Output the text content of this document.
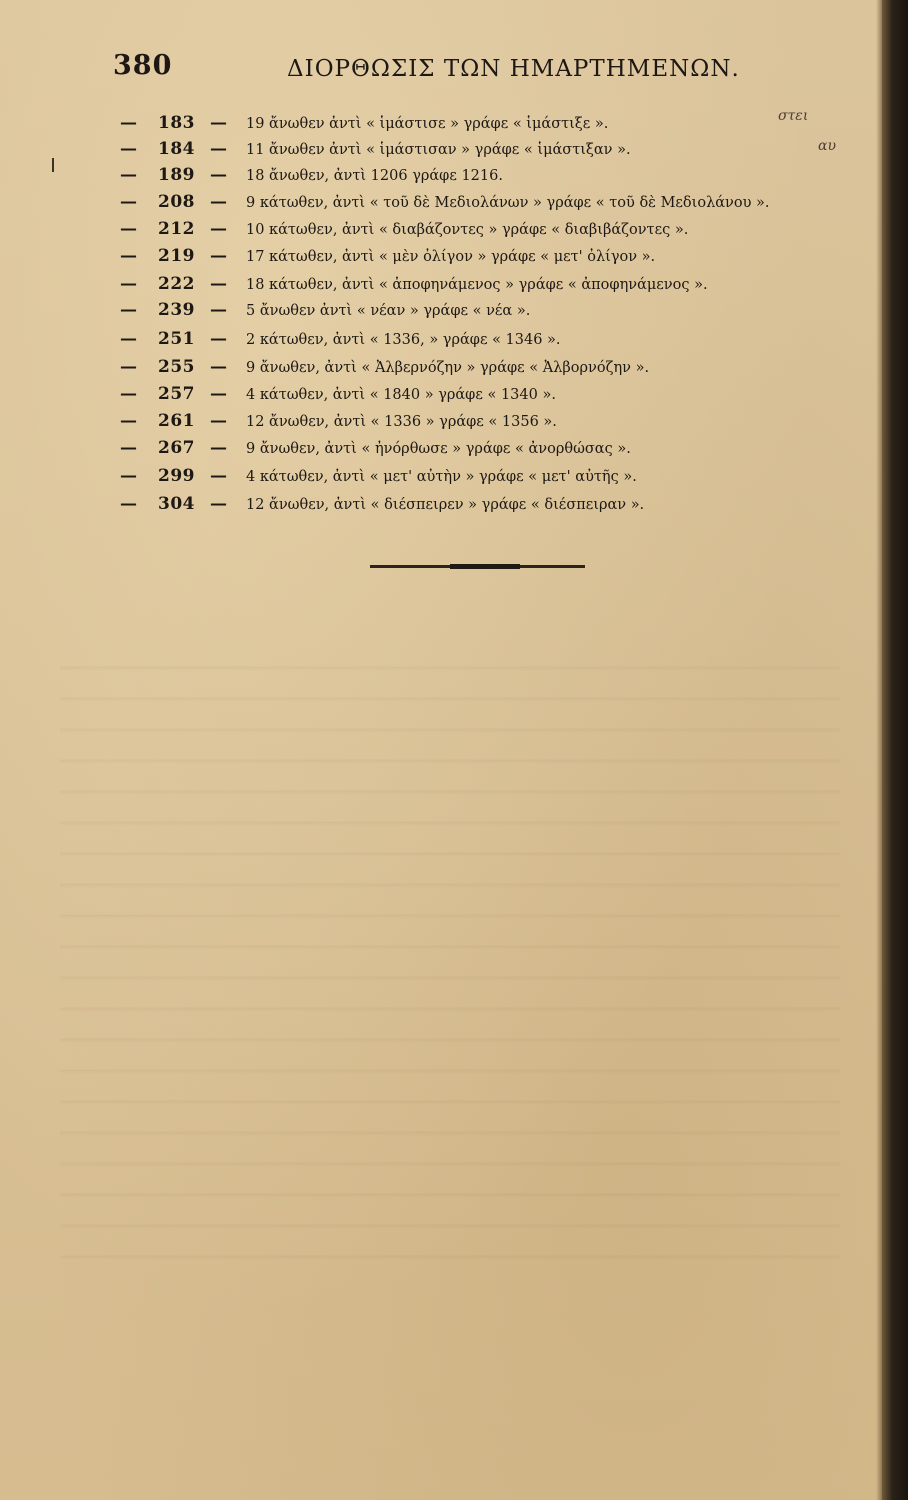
380	ΔΙΟΡΘΩΣΙΣ ΤΩΝ ΗΜΑΡΤΗΜΕΝΩΝ.
στει
αυ
—	183 —	19 ἄνωθεν ἀντὶ « ἱμάστισε » γράφε « ἱμάστιξε ».
—	184 —	11 ἄνωθεν ἀντὶ « ἱμάστισαν » γράφε « ἱμάστιξαν ».
—	189 —	18 ἄνωθεν, ἀντὶ 1206 γράφε 1216.
—	208 —	9 κάτωθεν, ἀντὶ « τοῦ δὲ Μεδιολάνων » γράφε « τοῦ δὲ Μεδιολάνου ».
—	212 —	10 κάτωθεν, ἀντὶ « διαβάζοντες » γράφε « διαβιβάζοντες ».
—	219 —	17 κάτωθεν, ἀντὶ « μὲν ὀλίγον » γράφε « μετ' ὀλίγον ».
—	222 —	18 κάτωθεν, ἀντὶ « ἀποφηνάμενος » γράφε « ἀποφηνάμενος ».
—	239 —	5 ἄνωθεν ἀντὶ « νέαν » γράφε « νέα ».
—	251 —	2 κάτωθεν, ἀντὶ « 1336, » γράφε « 1346 ».
—	255 —	9 ἄνωθεν, ἀντὶ « Ἀλβερνόζην » γράφε « Ἀλβορνόζην ».
—	257 —	4 κάτωθεν, ἀντὶ « 1840 » γράφε « 1340 ».
—	261 —	12 ἄνωθεν, ἀντὶ « 1336 » γράφε « 1356 ».
—	267 —	9 ἄνωθεν, ἀντὶ « ἠνόρθωσε » γράφε « ἀνορθώσας ».
—	299 —	4 κάτωθεν, ἀντὶ « μετ' αὐτὴν » γράφε « μετ' αὐτῆς ».
—	304 —	12 ἄνωθεν, ἀντὶ « διέσπειρεν » γράφε « διέσπειραν ».
